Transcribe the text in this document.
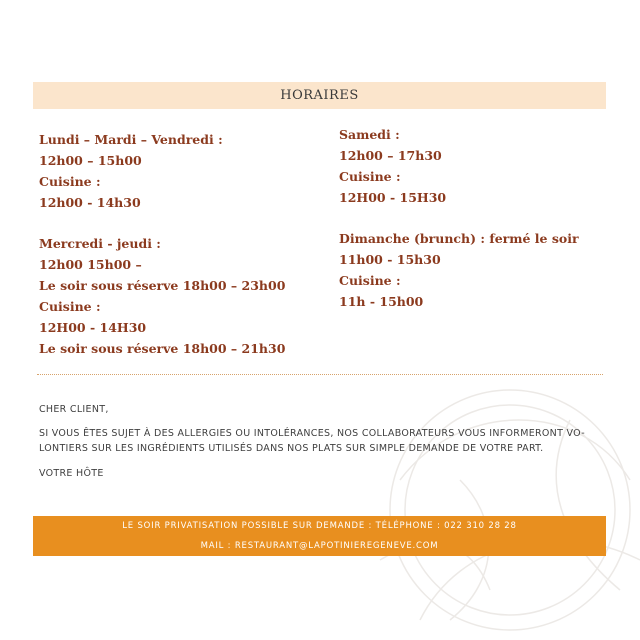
HORAIRES
Lundi – Mardi – Vendredi :
12h00 – 15h00
Cuisine :
12h00 - 14h30
Mercredi - jeudi :
12h00 15h00 –
Le soir sous réserve 18h00 – 23h00
Cuisine :
12H00 - 14H30
Le soir sous réserve 18h00 – 21h30
Samedi :
12h00 – 17h30
Cuisine :
12H00 - 15H30
Dimanche (brunch) : fermé le soir
11h00 - 15h30
Cuisine :
11h - 15h00
CHER CLIENT,
SI VOUS ÊTES SUJET À DES ALLERGIES OU INTOLÉRANCES, NOS COLLABORATEURS VOUS INFORMERONT VO-LONTIERS SUR LES INGRÉDIENTS UTILISÉS DANS NOS PLATS SUR SIMPLE DEMANDE DE VOTRE PART.
VOTRE HÔTE
LE SOIR PRIVATISATION POSSIBLE SUR DEMANDE : TÉLÉPHONE : 022 310 28 28
MAIL : RESTAURANT@LAPOTINIEREGENEVE.COM
